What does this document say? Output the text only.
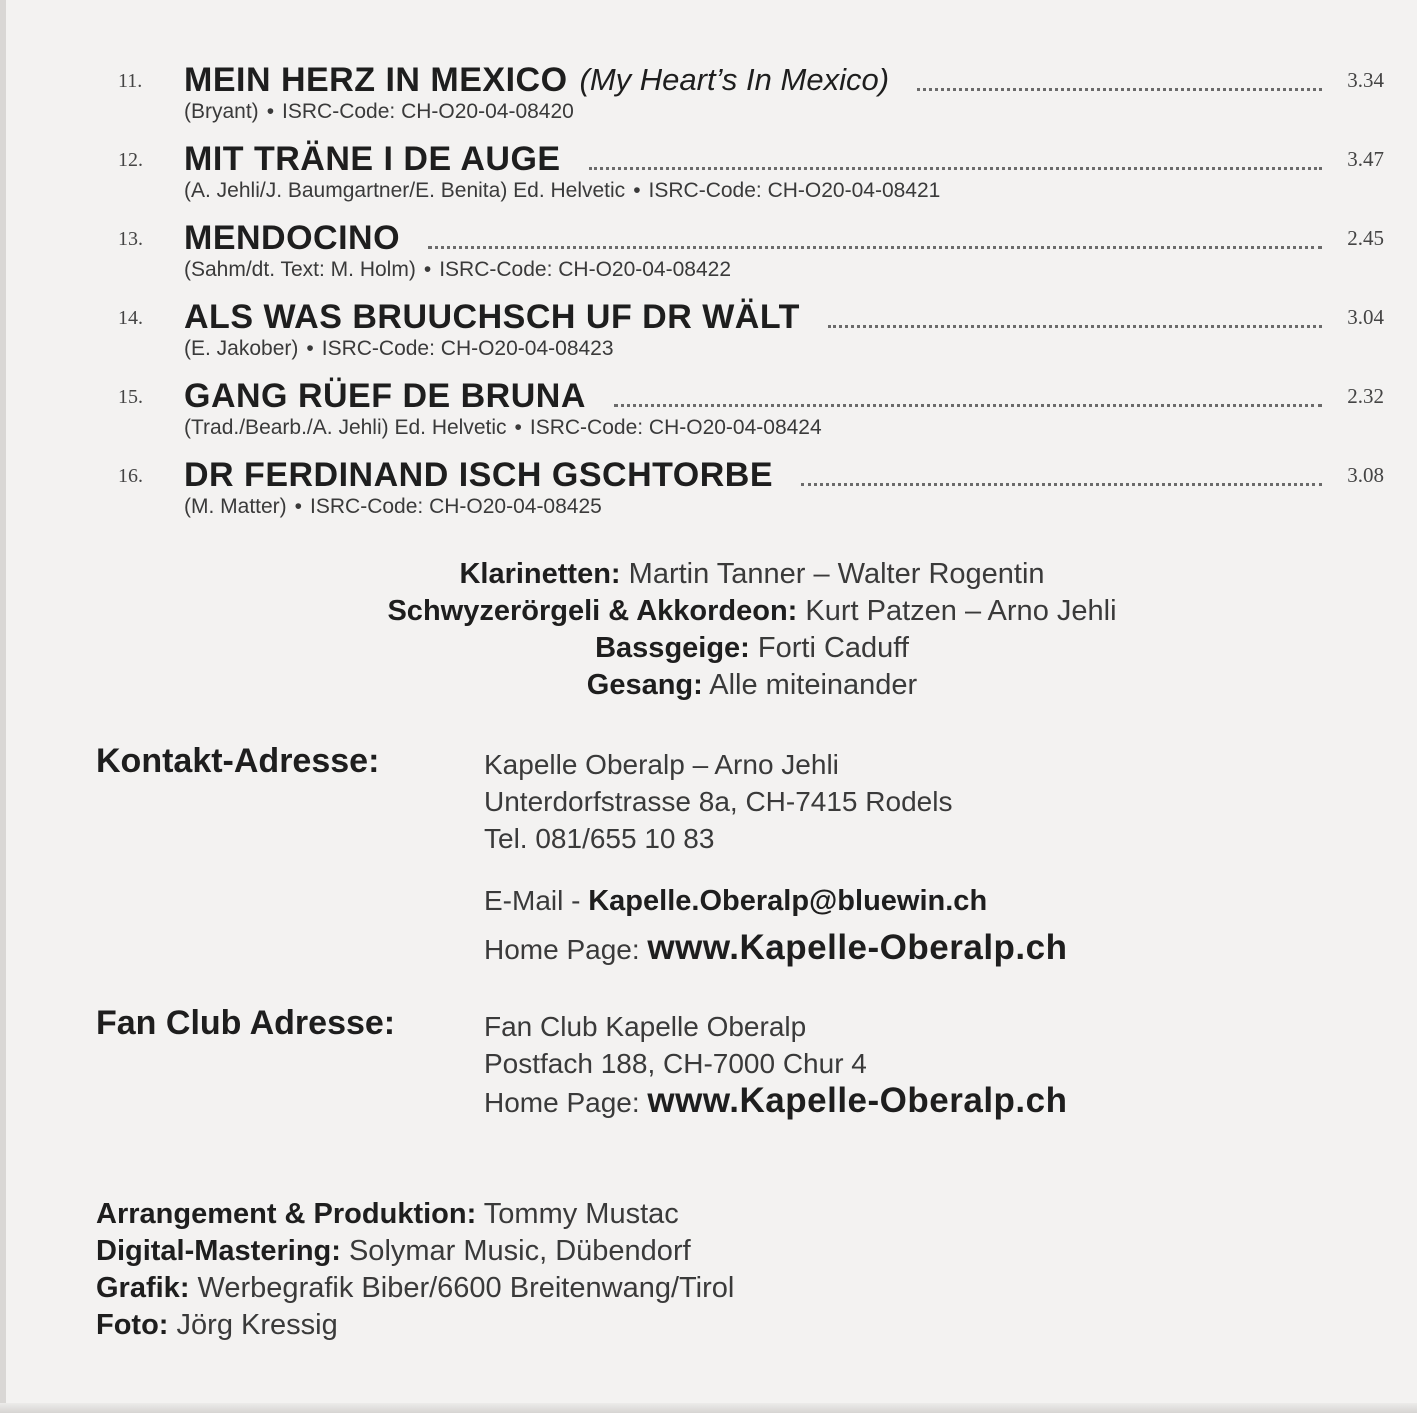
11.	MEIN HERZ IN MEXICO (My Heart’s In Mexico)	3.34
(Bryant) • ISRC-Code: CH-O20-04-08420
12.	MIT TRÄNE I DE AUGE	3.47
(A. Jehli/J. Baumgartner/E. Benita) Ed. Helvetic • ISRC-Code: CH-O20-04-08421
13.	MENDOCINO	2.45
(Sahm/dt. Text: M. Holm) • ISRC-Code: CH-O20-04-08422
14.	ALS WAS BRUUCHSCH UF DR WÄLT	3.04
(E. Jakober) • ISRC-Code: CH-O20-04-08423
15.	GANG RÜEF DE BRUNA	2.32
(Trad./Bearb./A. Jehli) Ed. Helvetic • ISRC-Code: CH-O20-04-08424
16.	DR FERDINAND ISCH GSCHTORBE	3.08
(M. Matter) • ISRC-Code: CH-O20-04-08425
Klarinetten: Martin Tanner – Walter Rogentin
Schwyzerörgeli & Akkordeon: Kurt Patzen – Arno Jehli
Bassgeige: Forti Caduff
Gesang: Alle miteinander
Kontakt-Adresse:	Kapelle Oberalp – Arno Jehli
Unterdorfstrasse 8a, CH-7415 Rodels
Tel. 081/655 10 83
E-Mail - Kapelle.Oberalp@bluewin.ch
Home Page: www.Kapelle-Oberalp.ch
Fan Club Adresse:	Fan Club Kapelle Oberalp
Postfach 188, CH-7000 Chur 4
Home Page: www.Kapelle-Oberalp.ch
Arrangement & Produktion: Tommy Mustac
Digital-Mastering: Solymar Music, Dübendorf
Grafik: Werbegrafik Biber/6600 Breitenwang/Tirol
Foto: Jörg Kressig
